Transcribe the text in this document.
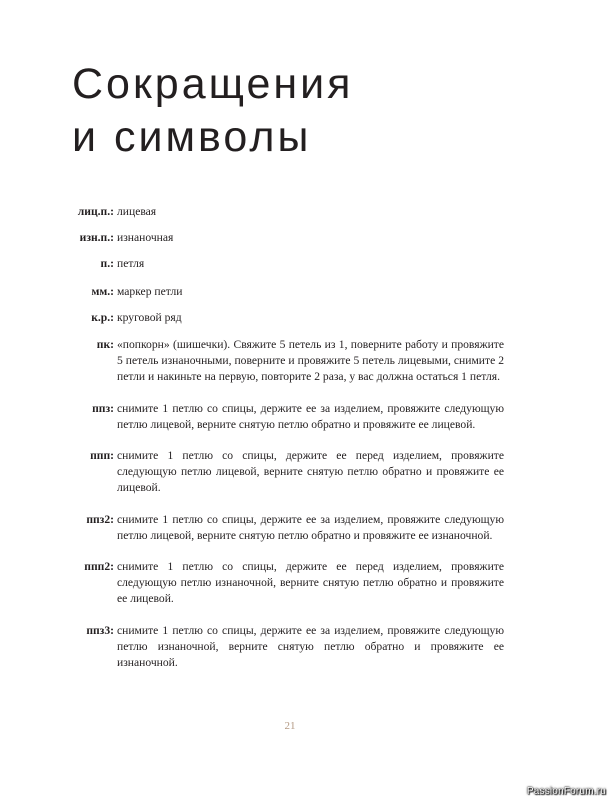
Сокращения
и символы
лиц.п.: лицевая
изн.п.: изнаночная
п.: петля
мм.: маркер петли
к.р.: круговой ряд
пк: «попкорн» (шишечки). Свяжите 5 петель из 1, поверните работу и провяжите 5 петель изнаночными, поверните и провяжите 5 петель лицевыми, снимите 2 петли и накиньте на первую, повторите 2 раза, у вас должна остаться 1 петля.
ппз: снимите 1 петлю со спицы, держите ее за изделием, провяжите следующую петлю лицевой, верните снятую петлю обратно и провяжите ее лицевой.
ппп: снимите 1 петлю со спицы, держите ее перед изделием, провяжите следующую петлю лицевой, верните снятую петлю обратно и провяжите ее лицевой.
ппз2: снимите 1 петлю со спицы, держите ее за изделием, провяжите следующую петлю лицевой, верните снятую петлю обратно и провяжите ее изнаночной.
ппп2: снимите 1 петлю со спицы, держите ее перед изделием, провяжите следующую петлю изнаночной, верните снятую петлю обратно и провяжите ее лицевой.
ппз3: снимите 1 петлю со спицы, держите ее за изделием, провяжите следующую петлю изнаночной, верните снятую петлю обратно и провяжите ее изнаночной.
21
PassionForum.ru
